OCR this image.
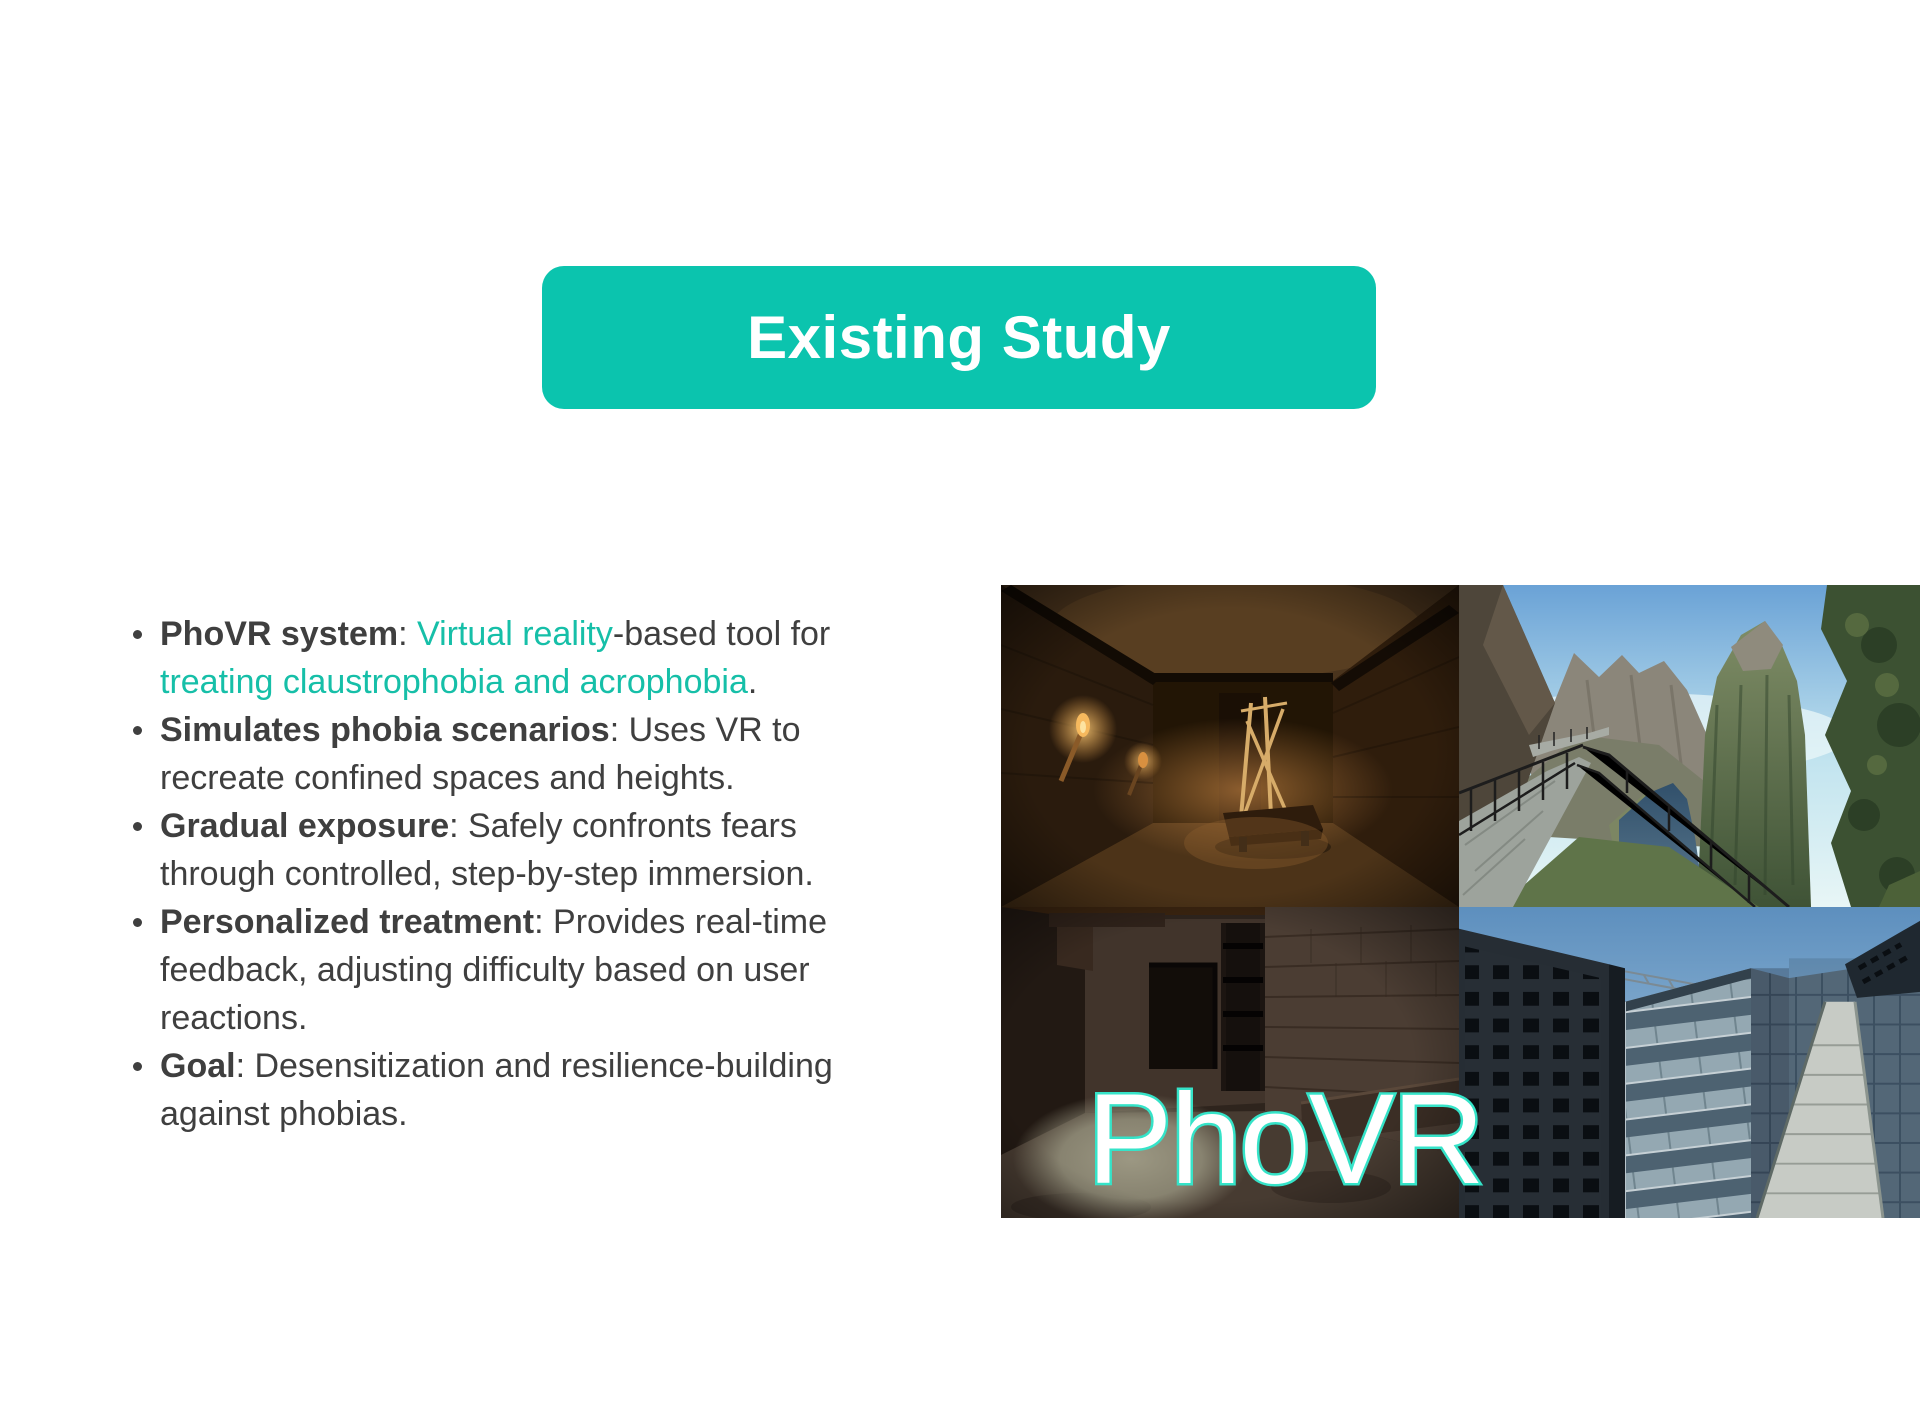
Existing Study
PhoVR system: Virtual reality-based tool for treating claustrophobia and acrophobia.
Simulates phobia scenarios: Uses VR to recreate confined spaces and heights.
Gradual exposure: Safely confronts fears through controlled, step-by-step immersion.
Personalized treatment: Provides real-time feedback, adjusting difficulty based on user reactions.
Goal: Desensitization and resilience-building against phobias.	PhoVR
